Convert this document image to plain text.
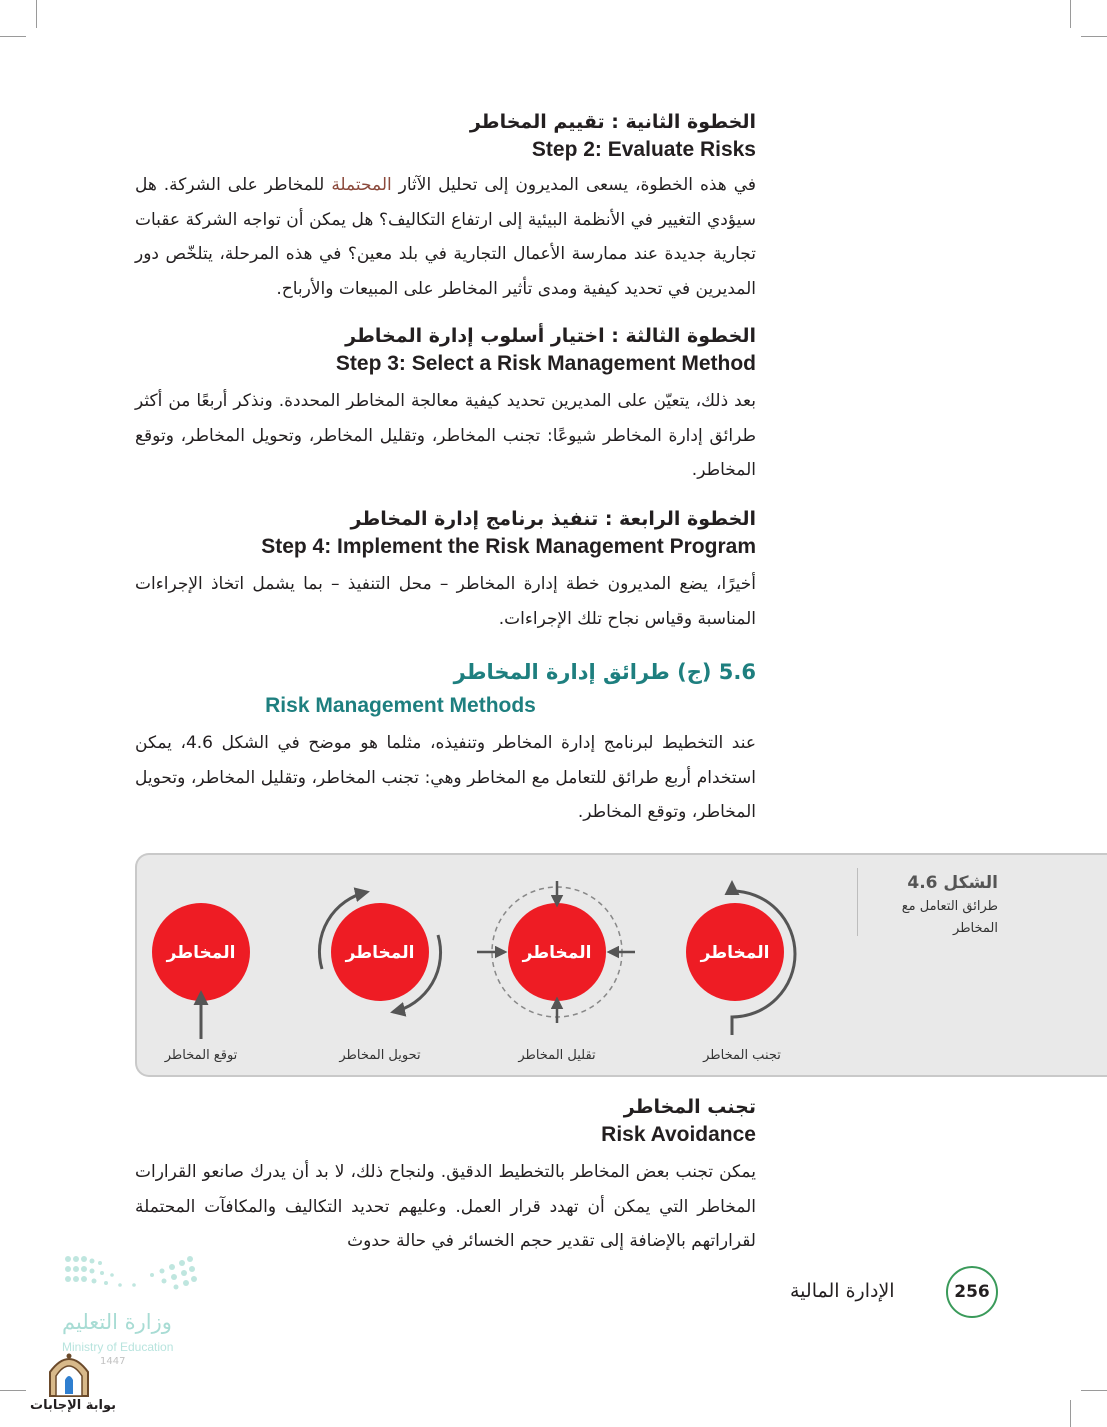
الخطوة الثانية : تقييم المخاطر

Step 2: Evaluate Risks

في هذه الخطوة، يسعى المديرون إلى تحليل الآثار المحتملة للمخاطر على الشركة. هل سيؤدي التغيير في الأنظمة البيئية إلى ارتفاع التكاليف؟ هل يمكن أن تواجه الشركة عقبات تجارية جديدة عند ممارسة الأعمال التجارية في بلد معين؟ في هذه المرحلة، يتلخّص دور المديرين في تحديد كيفية ومدى تأثير المخاطر على المبيعات والأرباح.

الخطوة الثالثة : اختيار أسلوب إدارة المخاطر

Step 3: Select a Risk Management Method

بعد ذلك، يتعيّن على المديرين تحديد كيفية معالجة المخاطر المحددة. ونذكر أربعًا من أكثر طرائق إدارة المخاطر شيوعًا: تجنب المخاطر، وتقليل المخاطر، وتحويل المخاطر، وتوقع المخاطر.

الخطوة الرابعة : تنفيذ برنامج إدارة المخاطر

Step 4: Implement the Risk Management Program

أخيرًا، يضع المديرون خطة إدارة المخاطر – محل التنفيذ – بما يشمل اتخاذ الإجراءات المناسبة وقياس نجاح تلك الإجراءات.

5.6 (ج) طرائق إدارة المخاطر

Risk Management Methods

عند التخطيط لبرنامج إدارة المخاطر وتنفيذه، مثلما هو موضح في الشكل 4.6، يمكن استخدام أربع طرائق للتعامل مع المخاطر وهي: تجنب المخاطر، وتقليل المخاطر، وتحويل المخاطر، وتوقع المخاطر.

الشكل 4.6
طرائق التعامل مع المخاطر
المخاطر	المخاطر	المخاطر	المخاطر
توقع المخاطر	تحويل المخاطر	تقليل المخاطر	تجنب المخاطر

تجنب المخاطر

Risk Avoidance

يمكن تجنب بعض المخاطر بالتخطيط الدقيق. ولنجاح ذلك، لا بد أن يدرك صانعو القرارات المخاطر التي يمكن أن تهدد قرار العمل. وعليهم تحديد التكاليف والمكافآت المحتملة لقراراتهم بالإضافة إلى تقدير حجم الخسائر في حالة حدوث

الإدارة المالية	256
وزارة التعليم
Ministry of Education
1447
بوابة الإجابات
